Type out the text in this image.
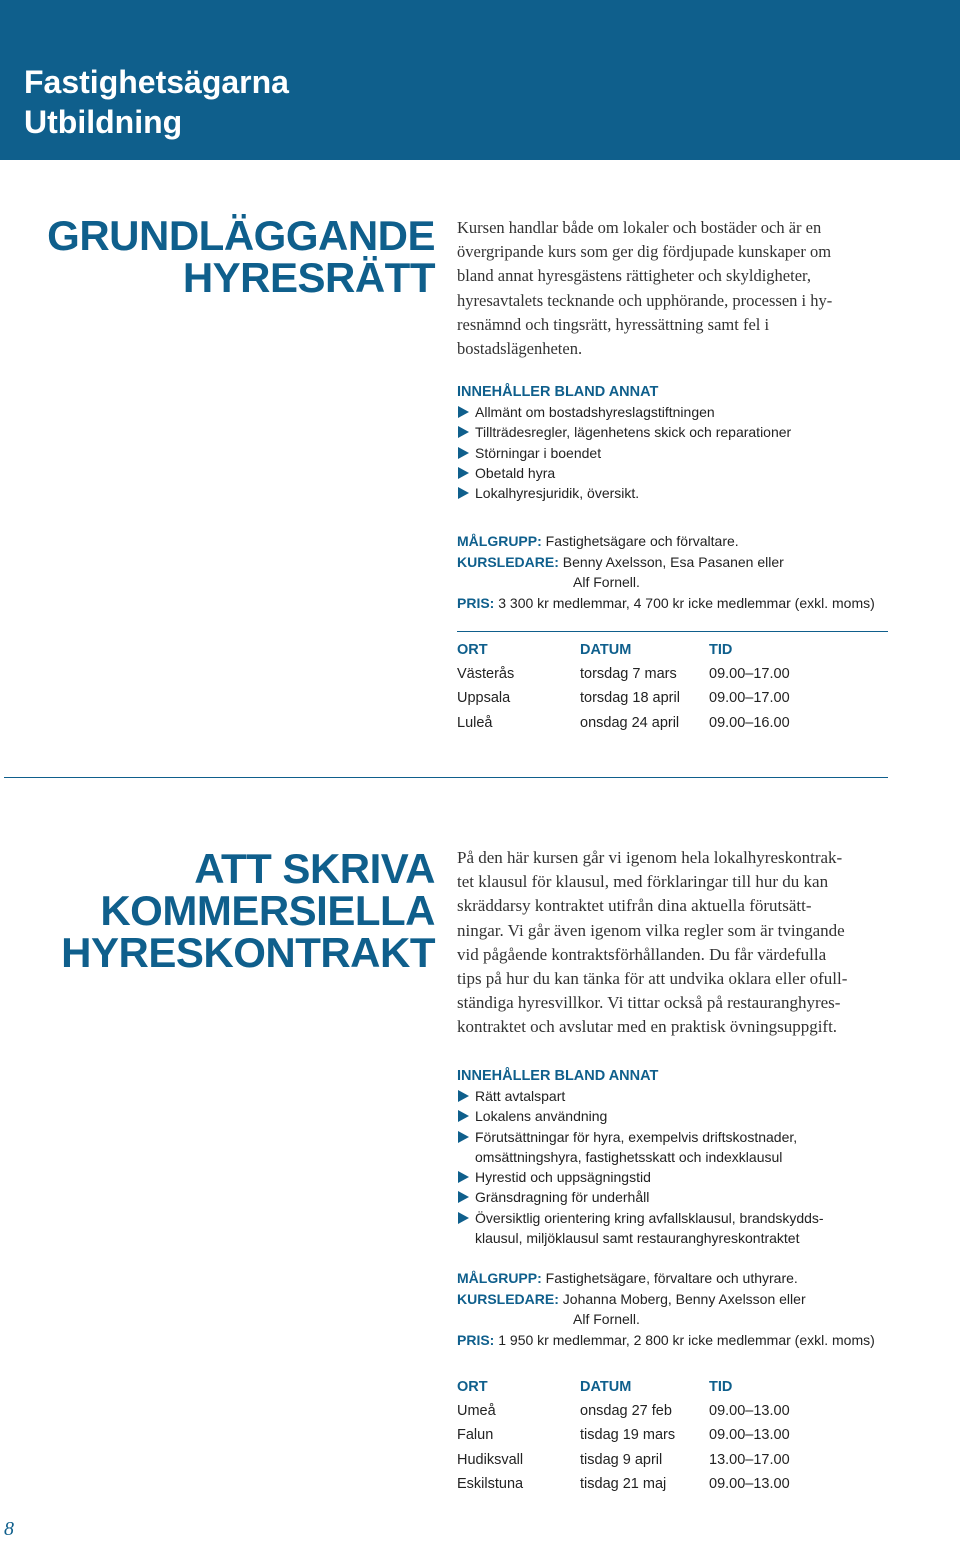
Fastighetsägarna
Utbildning
GRUNDLÄGGANDE
HYRESRÄTT

Kursen handlar både om lokaler och bostäder och är en
övergripande kurs som ger dig fördjupade kunskaper om
bland annat hyresgästens rättigheter och skyldigheter,
hyresavtalets tecknande och upphörande, processen i hy-
resnämnd och tingsrätt, hyressättning samt fel i
bostadslägenheten.

INNEHÅLLER BLAND ANNAT

Allmänt om bostadshyreslagstiftningen
Tillträdesregler, lägenhetens skick och reparationer
Störningar i boendet
Obetald hyra
Lokalhyresjuridik, översikt.
MÅLGRUPP: Fastighetsägare och förvaltare.
KURSLEDARE: Benny Axelsson, Esa Pasanen eller
Alf Fornell.
PRIS: 3 300 kr medlemmar, 4 700 kr icke medlemmar (exkl. moms)
ORT	DATUM	TID
Västerås	torsdag 7 mars 09.00–17.00
Uppsala	torsdag 18 april 09.00–17.00
Luleå	onsdag 24 april 09.00–16.00
ATT SKRIVA
KOMMERSIELLA
HYRESKONTRAKT

På den här kursen går vi igenom hela lokalhyreskontrak-
tet klausul för klausul, med förklaringar till hur du kan
skräddarsy kontraktet utifrån dina aktuella förutsätt-
ningar. Vi går även igenom vilka regler som är tvingande
vid pågående kontraktsförhållanden. Du får värdefulla
tips på hur du kan tänka för att undvika oklara eller ofull-
ständiga hyresvillkor. Vi tittar också på restauranghyres-
kontraktet och avslutar med en praktisk övningsuppgift.

INNEHÅLLER BLAND ANNAT

Rätt avtalspart
Lokalens användning
Förutsättningar för hyra, exempelvis driftskostnader,
omsättningshyra, fastighetsskatt och indexklausul
Hyrestid och uppsägningstid
Gränsdragning för underhåll
Översiktlig orientering kring avfallsklausul, brandskydds-
klausul, miljöklausul samt restauranghyreskontraktet
MÅLGRUPP: Fastighetsägare, förvaltare och uthyrare.
KURSLEDARE: Johanna Moberg, Benny Axelsson eller
Alf Fornell.
PRIS: 1 950 kr medlemmar, 2 800 kr icke medlemmar (exkl. moms)
ORT	DATUM	TID
Umeå	onsdag 27 feb	09.00–13.00
Falun	tisdag 19 mars 09.00–13.00
Hudiksvall	tisdag 9 april	13.00–17.00
Eskilstuna	tisdag 21 maj	09.00–13.00
8
